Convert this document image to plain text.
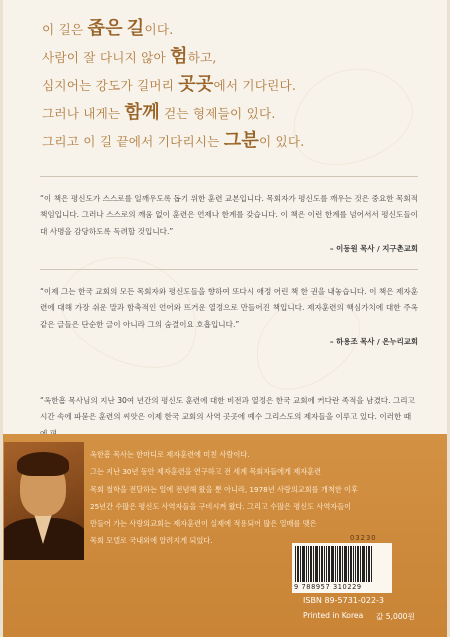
이 길은 좁은 길이다.
사람이 잘 다니지 않아 험하고,
심지어는 강도가 길머리 곳곳에서 기다린다.
그러나 내게는 함께 걷는 형제들이 있다.
그리고 이 길 끝에서 기다리시는 그분이 있다.

“이 책은 평신도가 스스로를 일깨우도록 돕기 위한 훈련 교본입니다. 목회자가 평신도를 깨우는 것은 중요한 목회적 책임입니다. 그러나 스스로의 깨움 없이 훈련은 언제나 한계를 갖습니다. 이 책은 이런 한계를 넘어서서 평신도들이 대 사명을 감당하도록 독려할 것입니다.”

– 이동원 목사 / 지구촌교회

“이제 그는 한국 교회의 모든 목회자와 평신도들을 향하여 또다시 애정 어린 책 한 권을 내놓습니다. 이 책은 제자훈련에 대해 가장 쉬운 말과 함축적인 언어와 뜨거운 열정으로 만들어진 책입니다. 제자훈련의 핵심가치에 대한 주옥같은 글들은 단순한 글이 아니라 그의 숨결이요 호흡입니다.”

– 하용조 목사 / 온누리교회

“옥한흠 목사님의 지난 30여 년간의 평신도 훈련에 대한 비전과 열정은 한국 교회에 커다란 족적을 남겼다. 그리고 시간 속에 파묻은 훈련의 씨앗은 이제 한국 교회의 사역 곳곳에 예수 그리스도의 제자들을 이루고 있다. 이러한 때

옥한흠 목사는 한마디로 제자훈련에 미친 사람이다.

그는 지난 30년 동안 제자훈련을 연구하고 전 세계 목회자들에게 제자훈련

목회 철학을 전달하는 일에 전념해 왔을 뿐 아니라, 1978년 사랑의교회를 개척한 이후

25년간 수많은 평신도 사역자들을 구비시켜 왔다. 그리고 수많은 평신도 사역자들이

만들어 가는 사랑의교회는 제자훈련이 실제에 적용되어 많은 열매를 맺은

목회 모델로 국내외에 알려지게 되었다.	03230
9 788957 310229
ISBN 89-5731-022-3
Printed in Korea 값 5,000원
